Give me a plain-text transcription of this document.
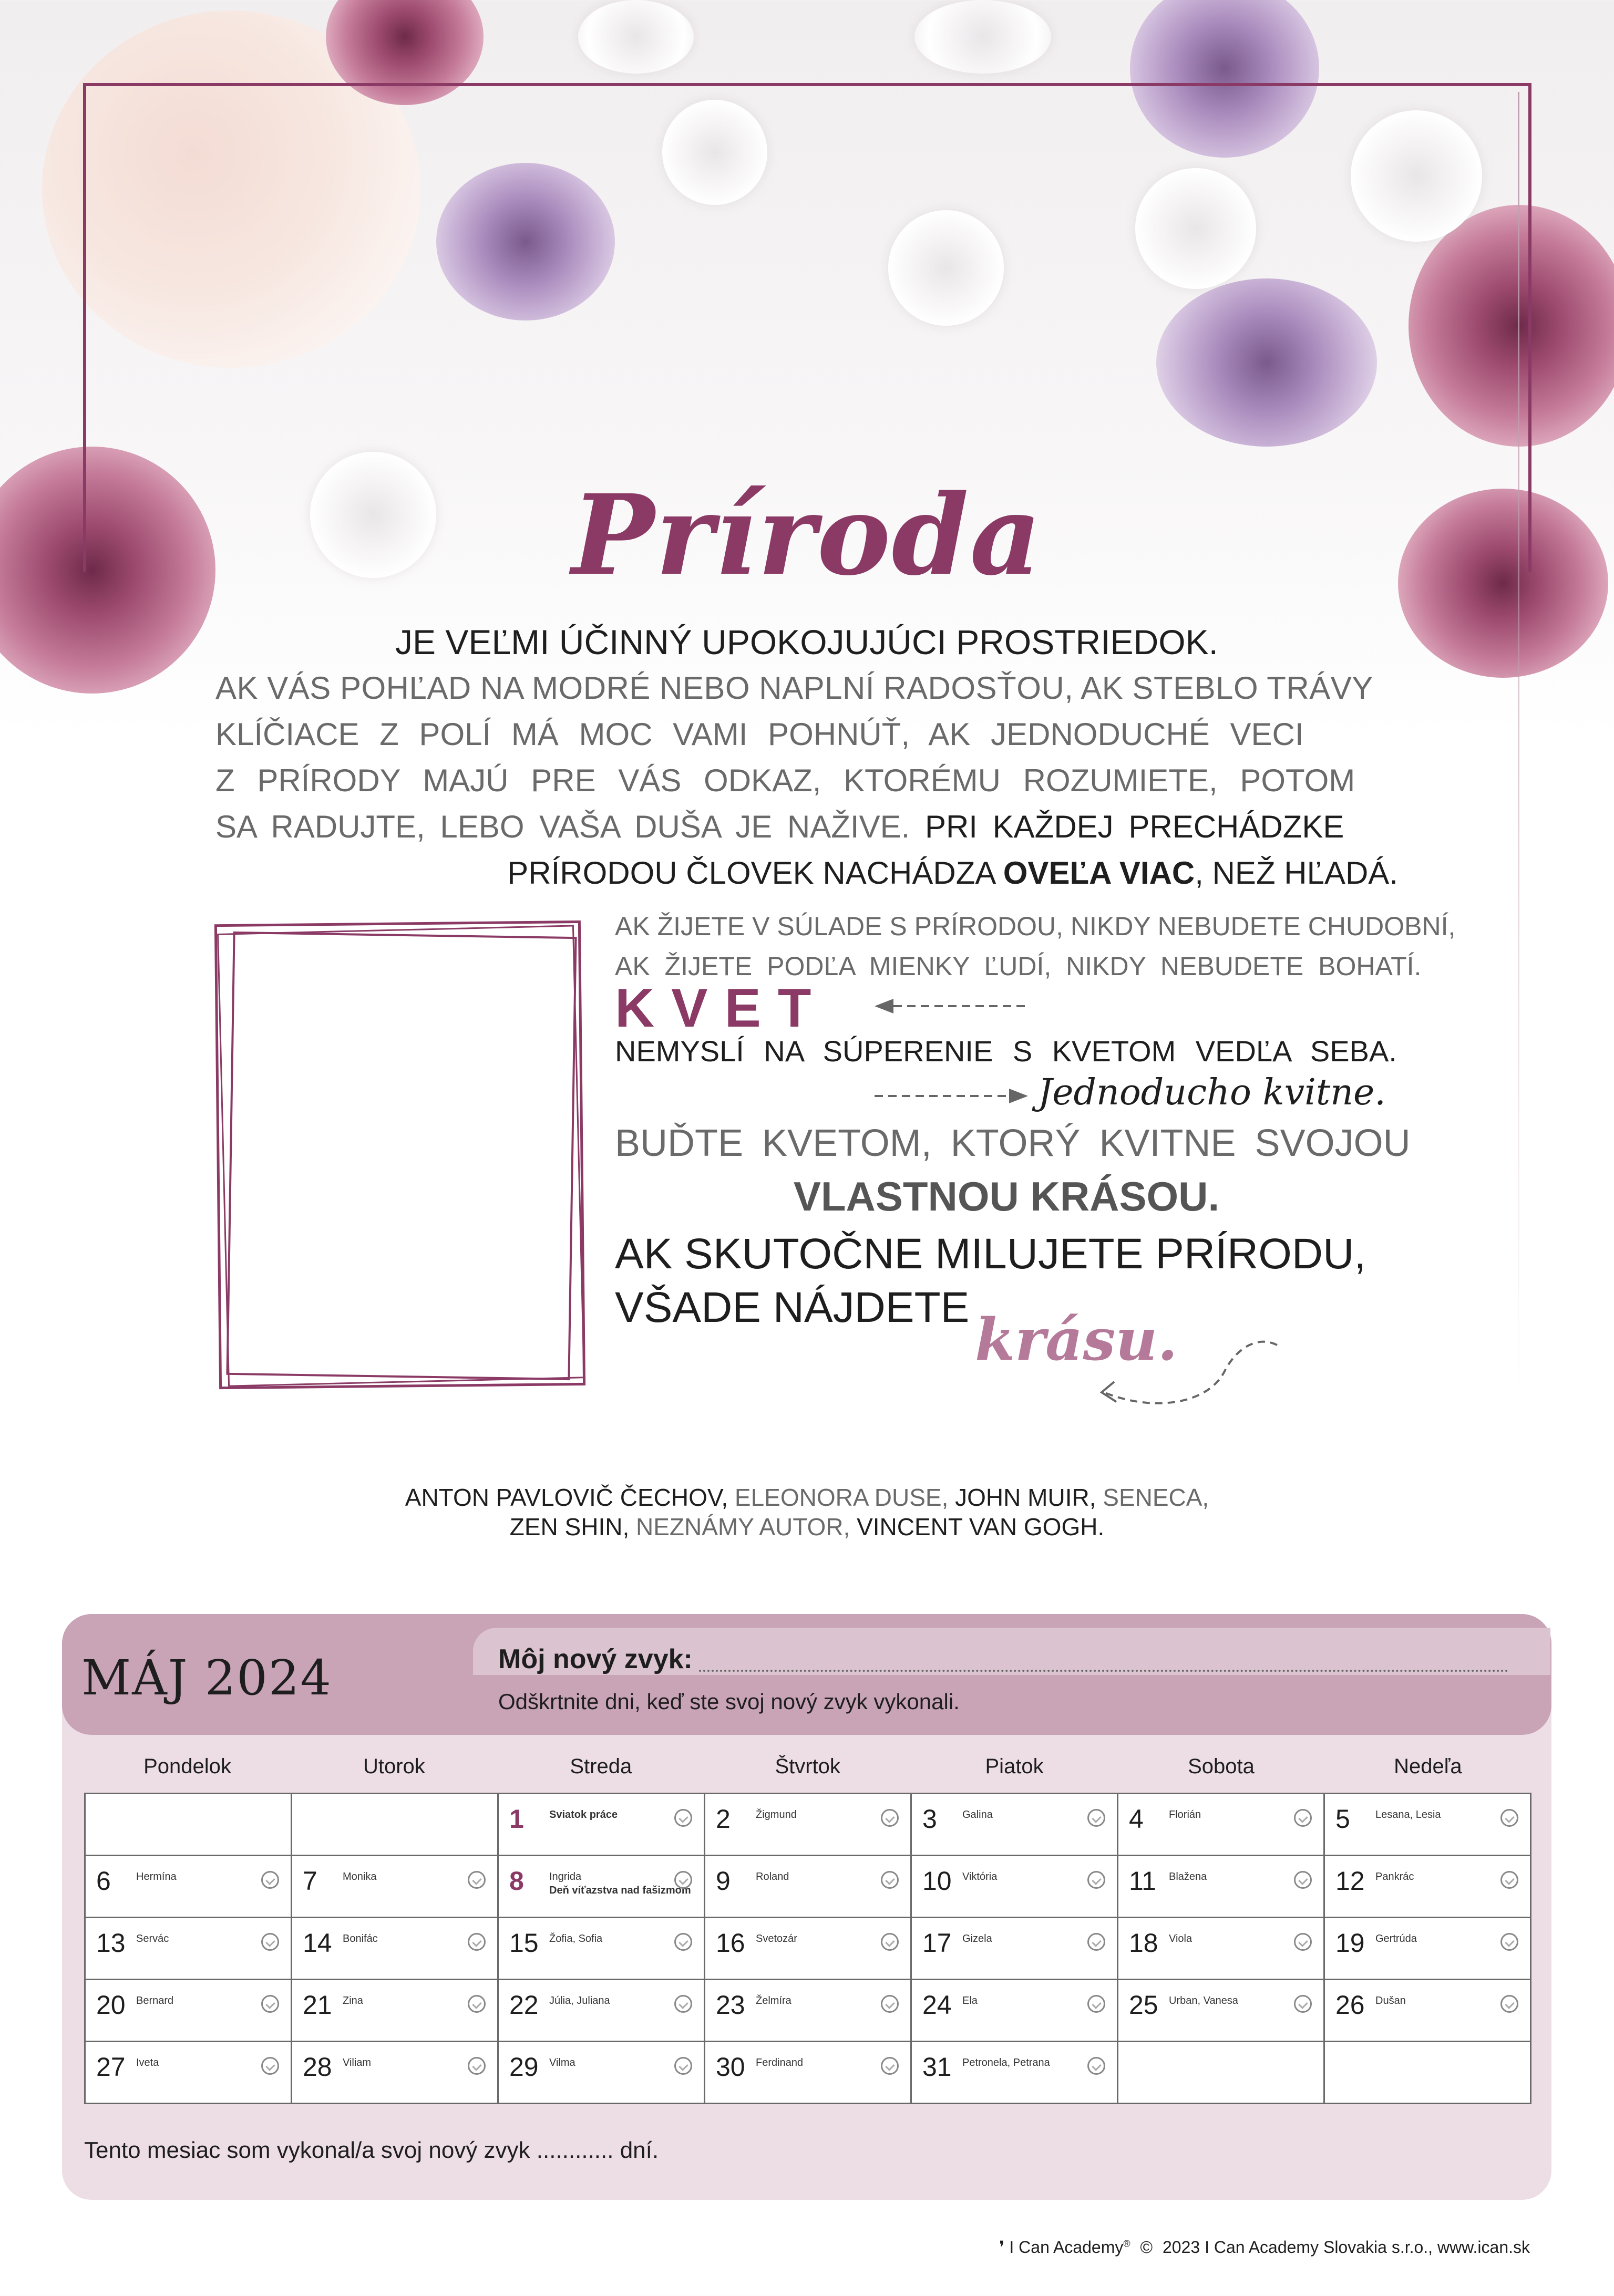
Príroda
JE VEĽMI ÚČINNÝ UPOKOJUJÚCI PROSTRIEDOK.
AK VÁS POHĽAD NA MODRÉ NEBO NAPLNÍ RADOSŤOU, AK STEBLO TRÁVY
KLÍČIACE Z POLÍ MÁ MOC VAMI POHNÚŤ, AK JEDNODUCHÉ VECI
Z PRÍRODY MAJÚ PRE VÁS ODKAZ, KTORÉMU ROZUMIETE, POTOM
SA RADUJTE, LEBO VAŠA DUŠA JE NAŽIVE. PRI KAŽDEJ PRECHÁDZKE
PRÍRODOU ČLOVEK NACHÁDZA OVEĽA VIAC, NEŽ HĽADÁ.
AK ŽIJETE V SÚLADE S PRÍRODOU, NIKDY NEBUDETE CHUDOBNÍ,
AK ŽIJETE PODĽA MIENKY ĽUDÍ, NIKDY NEBUDETE BOHATÍ.
KVET
NEMYSLÍ NA SÚPERENIE S KVETOM VEDĽA SEBA.
Jednoducho kvitne.
BUĎTE KVETOM, KTORÝ KVITNE SVOJOU
VLASTNOU KRÁSOU.
AK SKUTOČNE MILUJETE PRÍRODU,
VŠADE NÁJDETE krásu.
ANTON PAVLOVIČ ČECHOV, ELEONORA DUSE, JOHN MUIR, SENECA,
ZEN SHIN, NEZNÁMY AUTOR, VINCENT VAN GOGH.
MÁJ 2024	Môj nový zvyk:
Odškrtnite dni, keď ste svoj nový zvyk vykonali.
Pondelok	Utorok	Streda	Štvrtok	Piatok	Sobota	Nedeľa

		1 Sviatok práce	2 Žigmund	3 Galina	4 Florián	5 Lesana, Lesia

6 Hermína	7 Monika	8 Ingrida
Deň víťazstva nad fašizmom	9 Roland	10 Viktória	11 Blažena	12 Pankrác

13 Servác	14 Bonifác	15 Žofia, Sofia	16 Svetozár	17 Gizela	18 Viola	19 Gertrúda

20 Bernard	21 Zina	22 Júlia, Juliana	23 Želmíra	24 Ela	25 Urban, Vanesa	26 Dušan

27 Iveta	28 Viliam	29 Vilma	30 Ferdinand	31 Petronela, Petrana		

Tento mesiac som vykonal/a svoj nový zvyk ............ dní.
❜ I Can Academy® © 2023 I Can Academy Slovakia s.r.o., www.ican.sk
